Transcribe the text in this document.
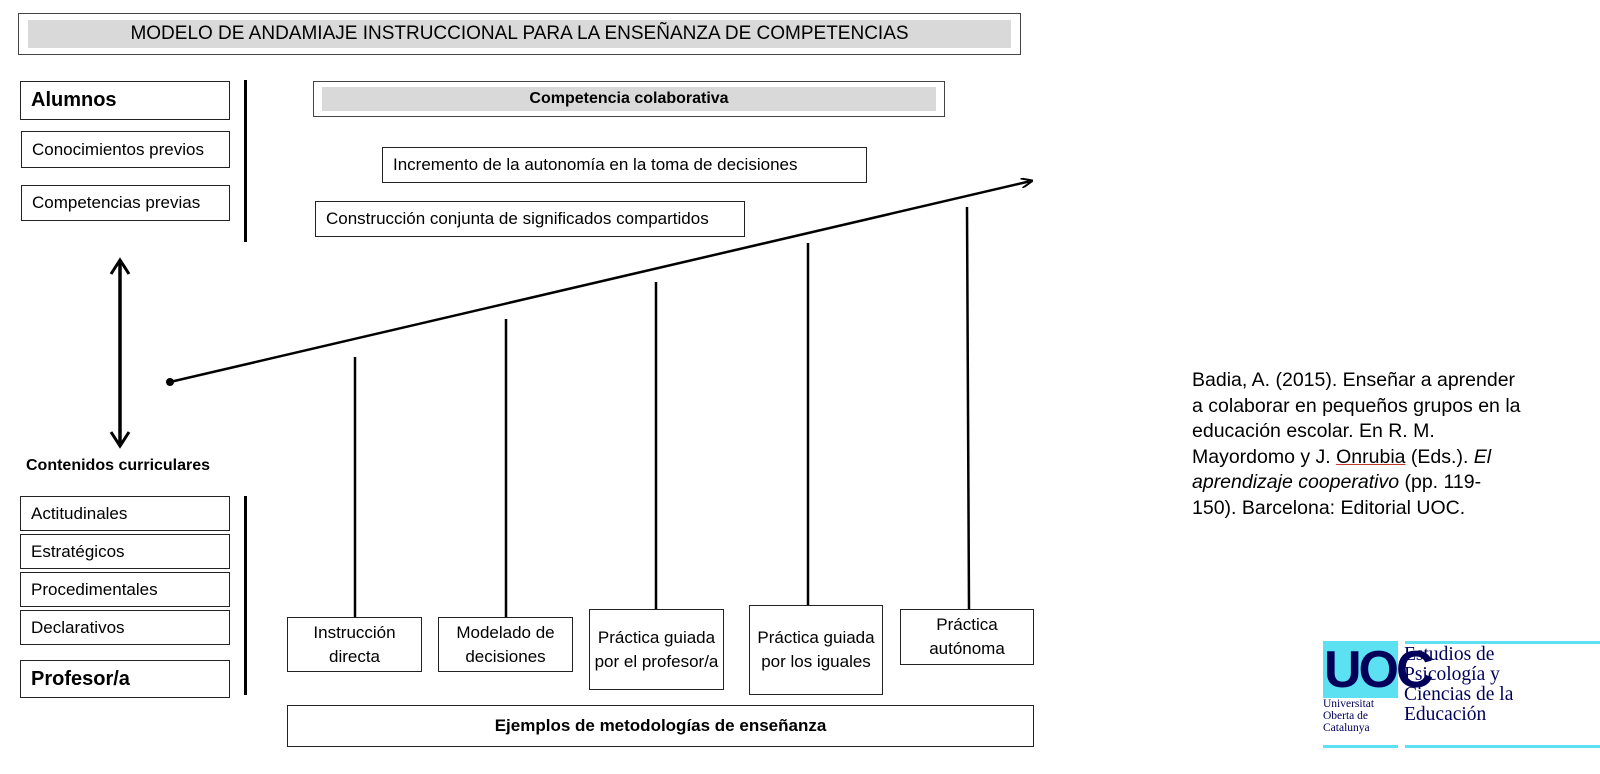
MODELO DE ANDAMIAJE INSTRUCCIONAL PARA LA ENSEÑANZA DE COMPETENCIAS
Alumnos
Conocimientos previos
Competencias previas
Contenidos curriculares
Actitudinales
Estratégicos
Procedimentales
Declarativos
Profesor/a
Competencia colaborativa
Incremento de la autonomía en la toma de decisiones
Construcción conjunta de significados compartidos
Instrucción directa
Modelado de decisiones
Práctica guiada por el profesor/a
Práctica guiada por los iguales
Práctica autónoma
Ejemplos de metodologías de enseñanza
Badia, A. (2015). Enseñar a aprender a colaborar en pequeños grupos en la educación escolar. En R. M. Mayordomo y J. Onrubia (Eds.). El aprendizaje cooperativo (pp. 119-150). Barcelona: Editorial UOC.
UOC
Universitat Oberta de Catalunya
Estudios de
Psicología y
Ciencias de la
Educación
